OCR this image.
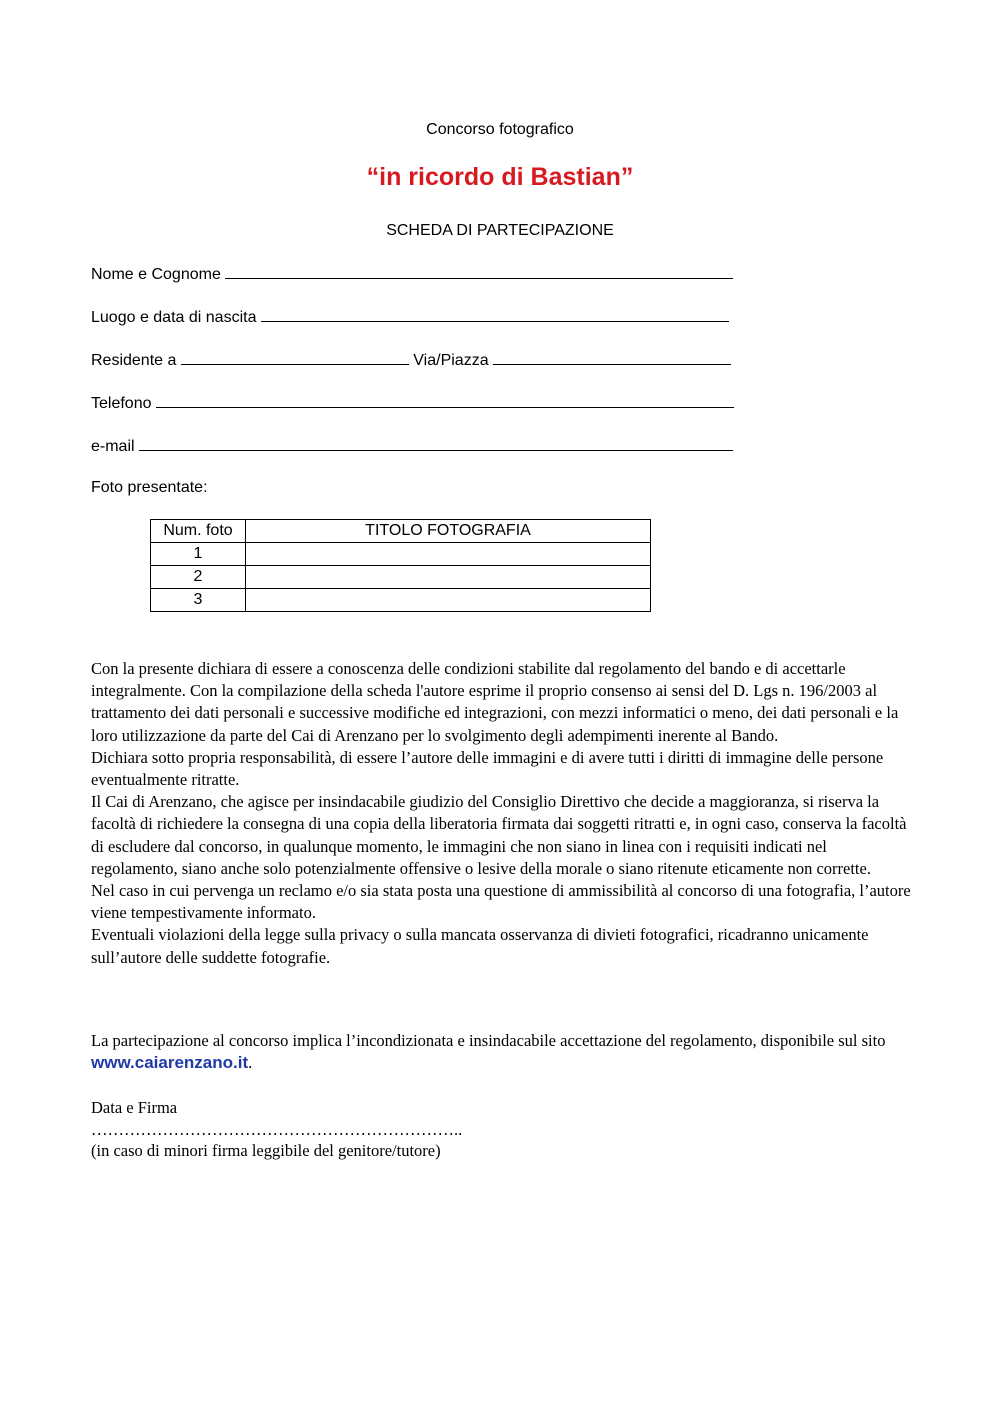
Concorso fotografico
“in ricordo di Bastian”
SCHEDA DI PARTECIPAZIONE
Nome e Cognome
Luogo e data di nascita
Residente a	Via/Piazza
Telefono
e-mail
Foto presentate:
Num. foto	TITOLO FOTOGRAFIA
1	
2	
3	

Con la presente dichiara di essere a conoscenza delle condizioni stabilite dal regolamento del bando e di accettarle integralmente. Con la compilazione della scheda l'autore esprime il proprio consenso ai sensi del D. Lgs n. 196/2003 al trattamento dei dati personali e successive modifiche ed integrazioni, con mezzi informatici o meno, dei dati personali e la loro utilizzazione da parte del Cai di Arenzano per lo svolgimento degli adempimenti inerente al Bando.

Dichiara sotto propria responsabilità, di essere l’autore delle immagini e di avere tutti i diritti di immagine delle persone eventualmente ritratte.

Il Cai di Arenzano, che agisce per insindacabile giudizio del Consiglio Direttivo che decide a maggioranza, si riserva la facoltà di richiedere la consegna di una copia della liberatoria firmata dai soggetti ritratti e, in ogni caso, conserva la facoltà di escludere dal concorso, in qualunque momento, le immagini che non siano in linea con i requisiti indicati nel regolamento, siano anche solo potenzialmente offensive o lesive della morale o siano ritenute eticamente non corrette.

Nel caso in cui pervenga un reclamo e/o sia stata posta una questione di ammissibilità al concorso di una fotografia, l’autore viene tempestivamente informato.

Eventuali violazioni della legge sulla privacy o sulla mancata osservanza di divieti fotografici, ricadranno unicamente sull’autore delle suddette fotografie.

La partecipazione al concorso implica l’incondizionata e insindacabile accettazione del regolamento, disponibile sul sito www.caiarenzano.it.
Data e Firma
…………………………………………………………..
(in caso di minori firma leggibile del genitore/tutore)
